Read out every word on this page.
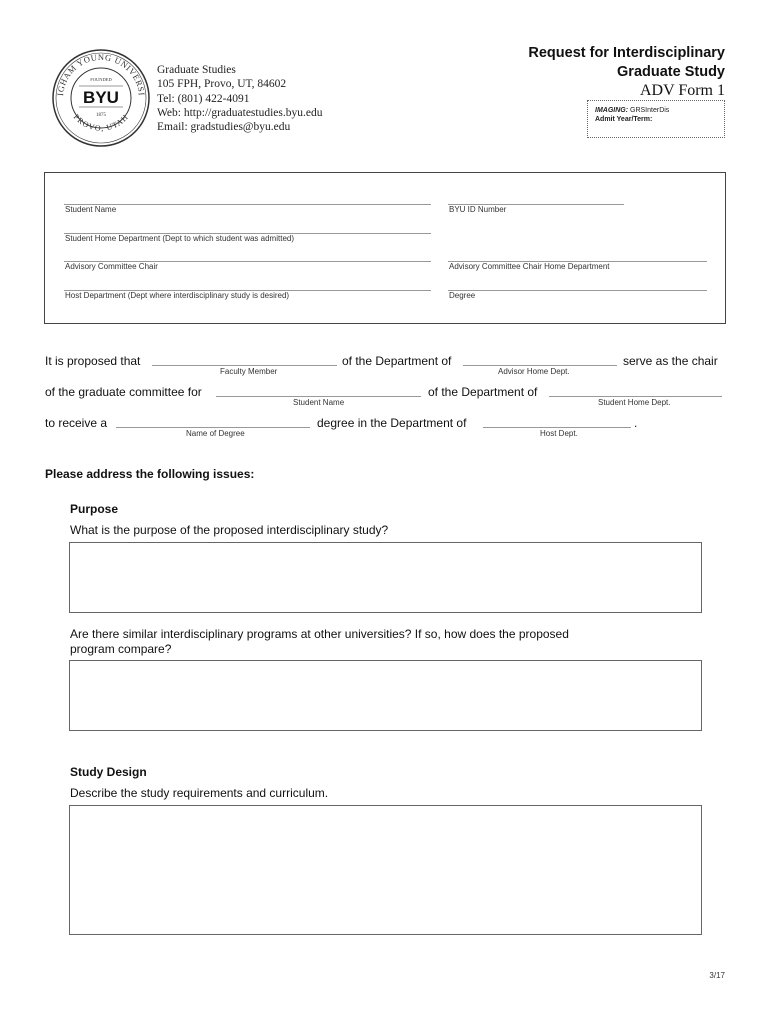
IGHAM YOUNG UNIVERSI
PROVO, UTAH
FOUNDED
BYU
1875
Graduate Studies
105 FPH, Provo, UT, 84602
Tel: (801) 422-4091
Web: http://graduatestudies.byu.edu
Email: gradstudies@byu.edu
Request for Interdisciplinary
Graduate Study
ADV Form 1
IMAGING: GRSInterDis
Admit Year/Term:
Student Name	BYU ID Number
Student Home Department (Dept to which student was admitted)
Advisory Committee Chair	Advisory Committee Chair Home Department
Host Department (Dept where interdisciplinary study is desired)	Degree
It is proposed that
Faculty Member
of the Department of
Advisor Home Dept.
serve as the chair
of the graduate committee for
Student Name
of the Department of
Student Home Dept.
to receive a
Name of Degree
degree in the Department of
Host Dept.
.
Please address the following issues:
Purpose
What is the purpose of the proposed interdisciplinary study?
Are there similar interdisciplinary programs at other universities? If so, how does the proposed
program compare?
Study Design
Describe the study requirements and curriculum.
3/17
